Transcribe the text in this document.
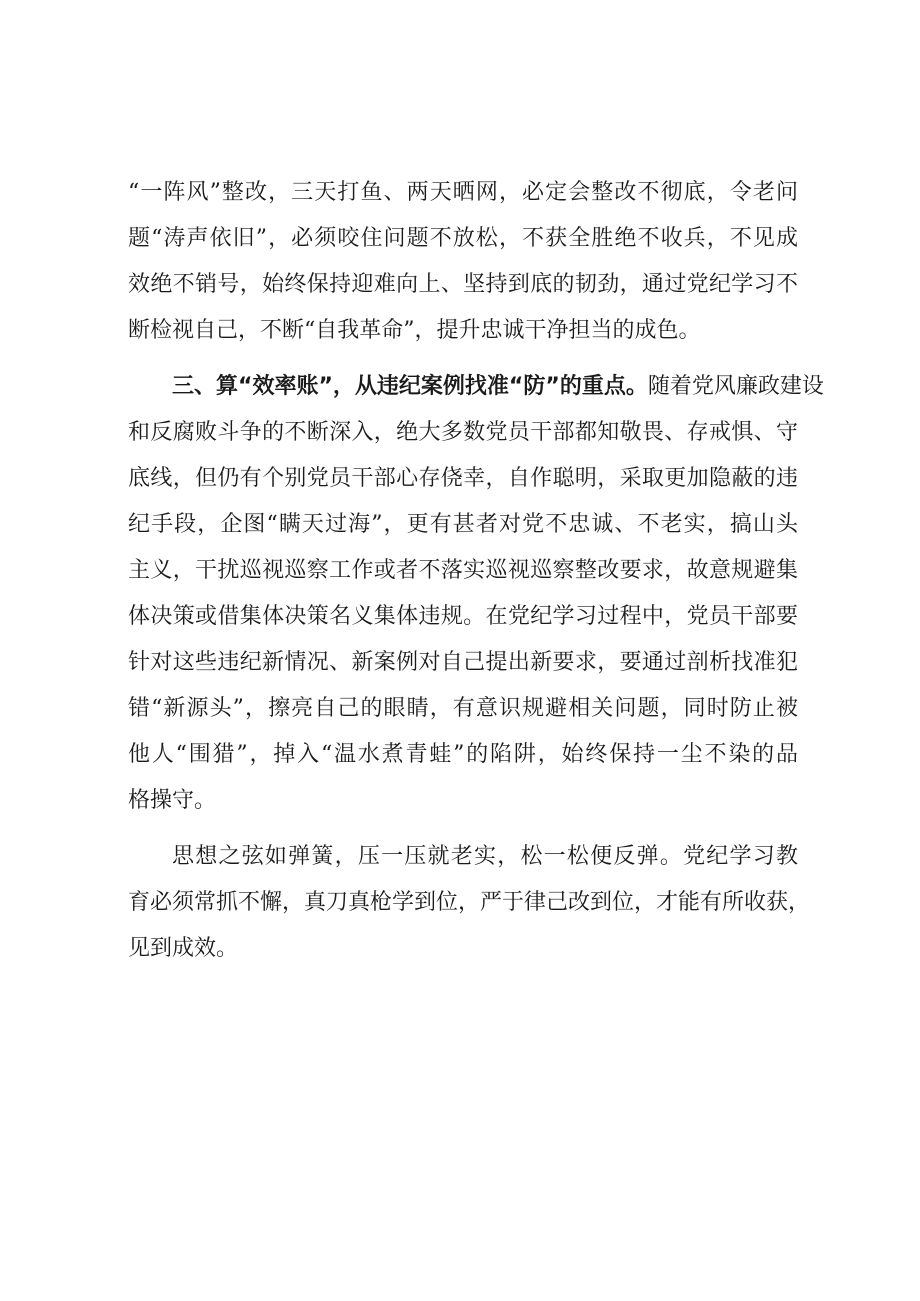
“一阵风”整改，三天打鱼、两天晒网，必定会整改不彻底，令老问
题“涛声依旧”，必须咬住问题不放松，不获全胜绝不收兵，不见成
效绝不销号，始终保持迎难向上、坚持到底的韧劲，通过党纪学习不
断检视自己，不断“自我革命”，提升忠诚干净担当的成色。
三、算“效率账”，从违纪案例找准“防”的重点。随着党风廉政建设
和反腐败斗争的不断深入，绝大多数党员干部都知敬畏、存戒惧、守
底线，但仍有个别党员干部心存侥幸，自作聪明，采取更加隐蔽的违
纪手段，企图“瞒天过海”，更有甚者对党不忠诚、不老实，搞山头
主义，干扰巡视巡察工作或者不落实巡视巡察整改要求，故意规避集
体决策或借集体决策名义集体违规。在党纪学习过程中，党员干部要
针对这些违纪新情况、新案例对自己提出新要求，要通过剖析找准犯
错“新源头”，擦亮自己的眼睛，有意识规避相关问题，同时防止被
他人“围猎”，掉入“温水煮青蛙”的陷阱，始终保持一尘不染的品
格操守。
思想之弦如弹簧，压一压就老实，松一松便反弹。党纪学习教
育必须常抓不懈，真刀真枪学到位，严于律己改到位，才能有所收获，
见到成效。
